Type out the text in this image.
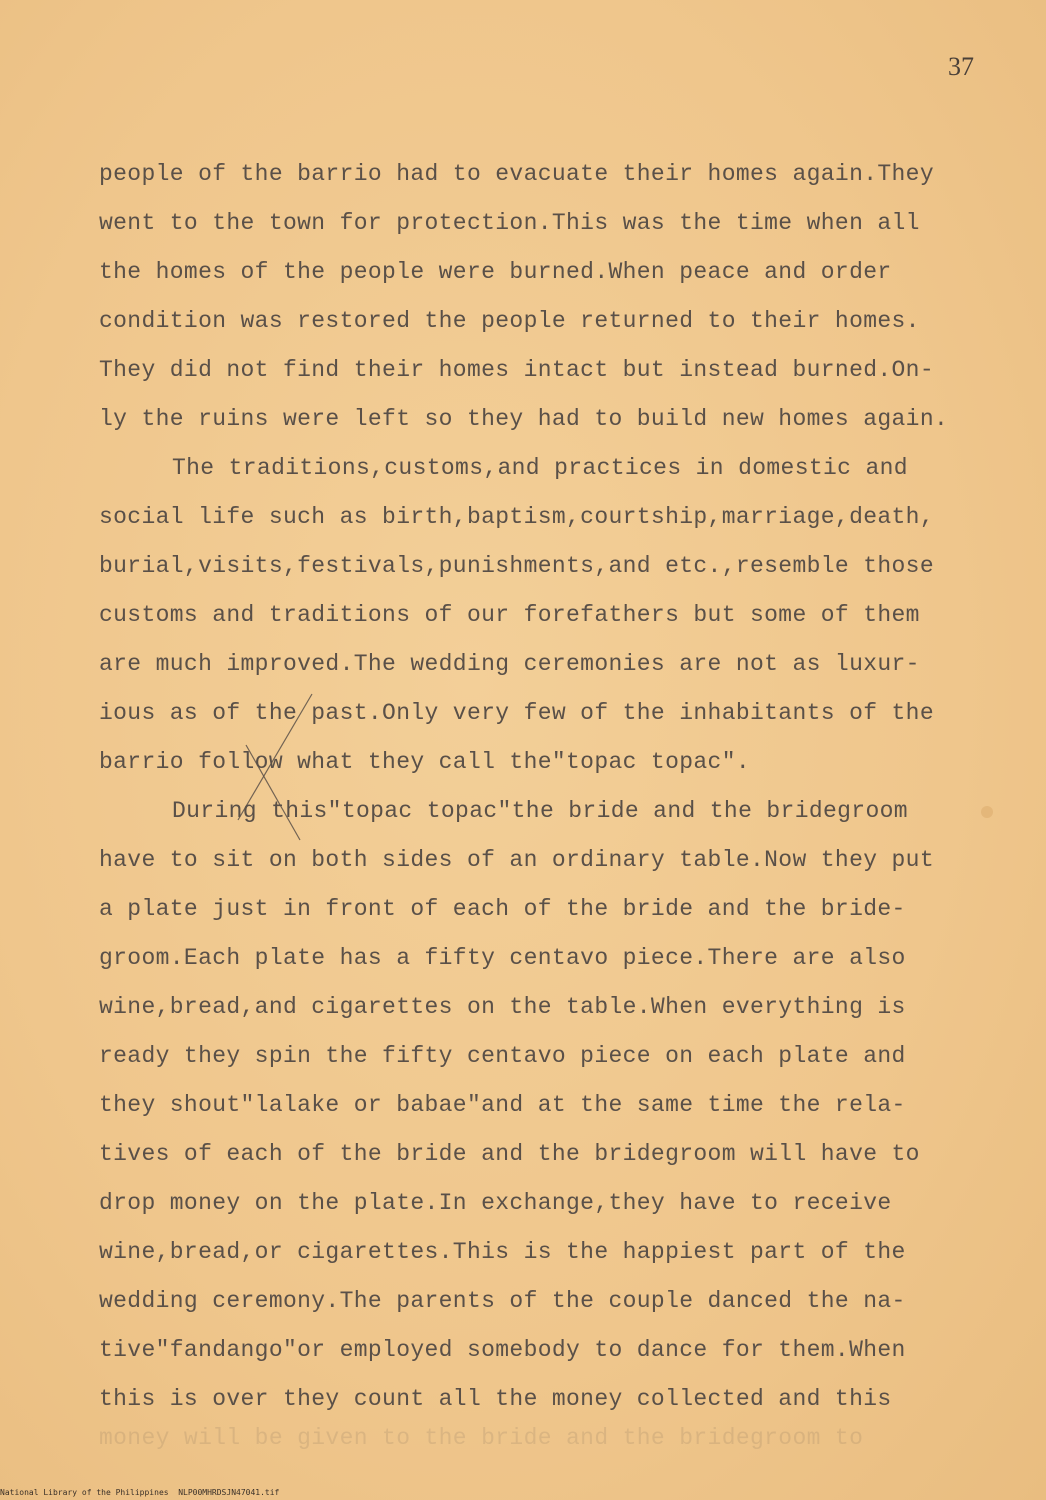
37
people of the barrio had to evacuate their homes again.They
went to the town for protection.This was the time when all
the homes of the people were burned.When peace and order
condition was restored the people returned to their homes.
They did not find their homes intact but instead burned.On-
ly the ruins were left so they had to build new homes again.
The traditions,customs,and practices in domestic and
social life such as birth,baptism,courtship,marriage,death,
burial,visits,festivals,punishments,and etc.,resemble those
customs and traditions of our forefathers but some of them
are much improved.The wedding ceremonies are not as luxur-
ious as of the past.Only very few of the inhabitants of the
barrio follow what they call the"topac topac".
During this"topac topac"the bride and the bridegroom
have to sit on both sides of an ordinary table.Now they put
a plate just in front of each of the bride and the bride-
groom.Each plate has a fifty centavo piece.There are also
wine,bread,and cigarettes on the table.When everything is
ready they spin the fifty centavo piece on each plate and
they shout"lalake or babae"and at the same time the rela-
tives of each of the bride and the bridegroom will have to
drop money on the plate.In exchange,they have to receive
wine,bread,or cigarettes.This is the happiest part of the
wedding ceremony.The parents of the couple danced the na-
tive"fandango"or employed somebody to dance for them.When
this is over they count all the money collected and this
money will be given to the bride and the bridegroom to
National Library of the Philippines  NLP00MHRDSJN47041.tif
